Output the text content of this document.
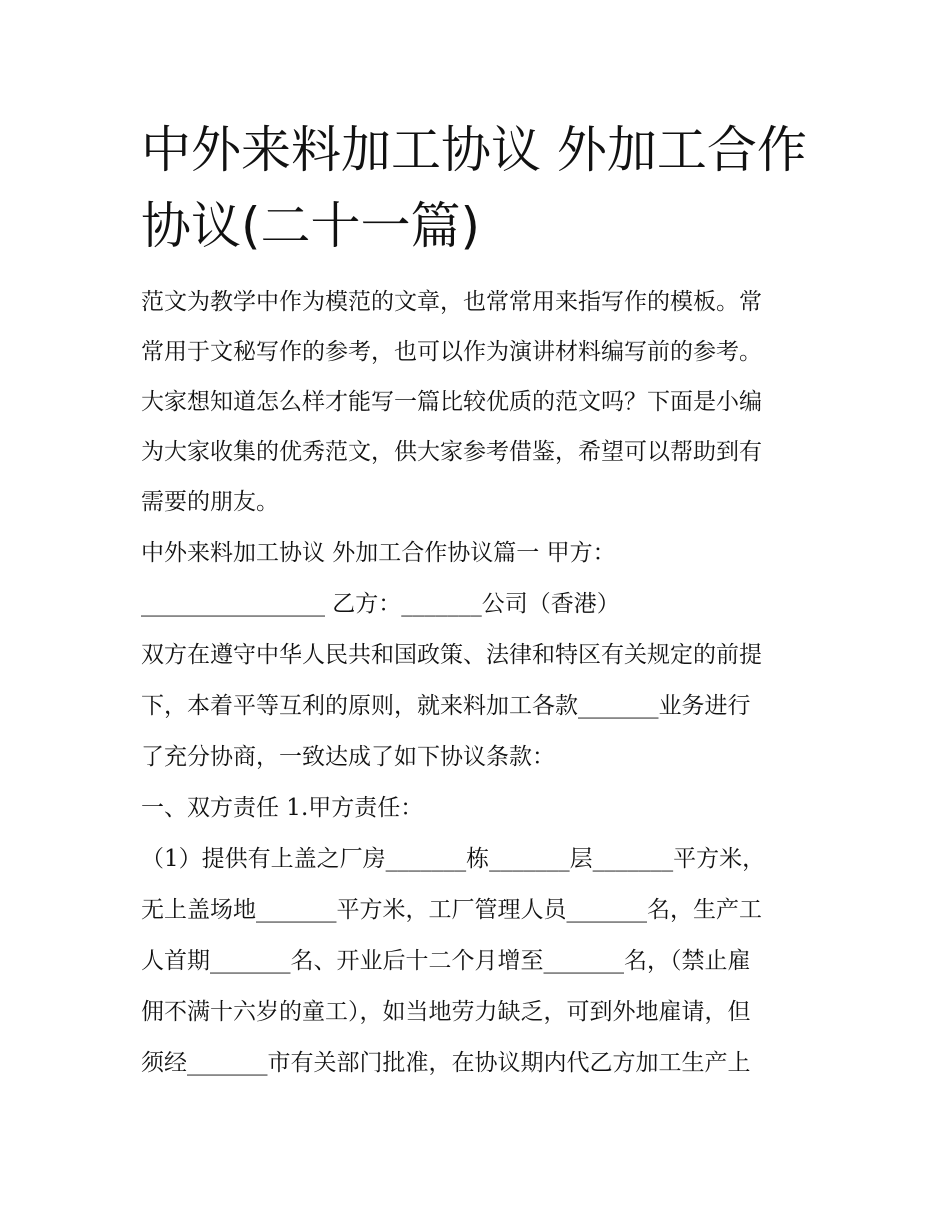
中外来料加工协议 外加工合作
协议(二十一篇)

范文为教学中作为模范的文章，也常常用来指写作的模板。常

常用于文秘写作的参考，也可以作为演讲材料编写前的参考。

大家想知道怎么样才能写一篇比较优质的范文吗？下面是小编

为大家收集的优秀范文，供大家参考借鉴，希望可以帮助到有

需要的朋友。

中外来料加工协议 外加工合作协议篇一 甲方：

________________ 乙方：_______公司（香港）

双方在遵守中华人民共和国政策、法律和特区有关规定的前提

下，本着平等互利的原则，就来料加工各款_______业务进行

了充分协商，一致达成了如下协议条款：

一、双方责任 1.甲方责任：

（1）提供有上盖之厂房_______栋_______层_______平方米，

无上盖场地_______平方米，工厂管理人员_______名，生产工

人首期_______名、开业后十二个月增至_______名，（禁止雇

佣不满十六岁的童工），如当地劳力缺乏，可到外地雇请，但

须经_______市有关部门批准，在协议期内代乙方加工生产上
